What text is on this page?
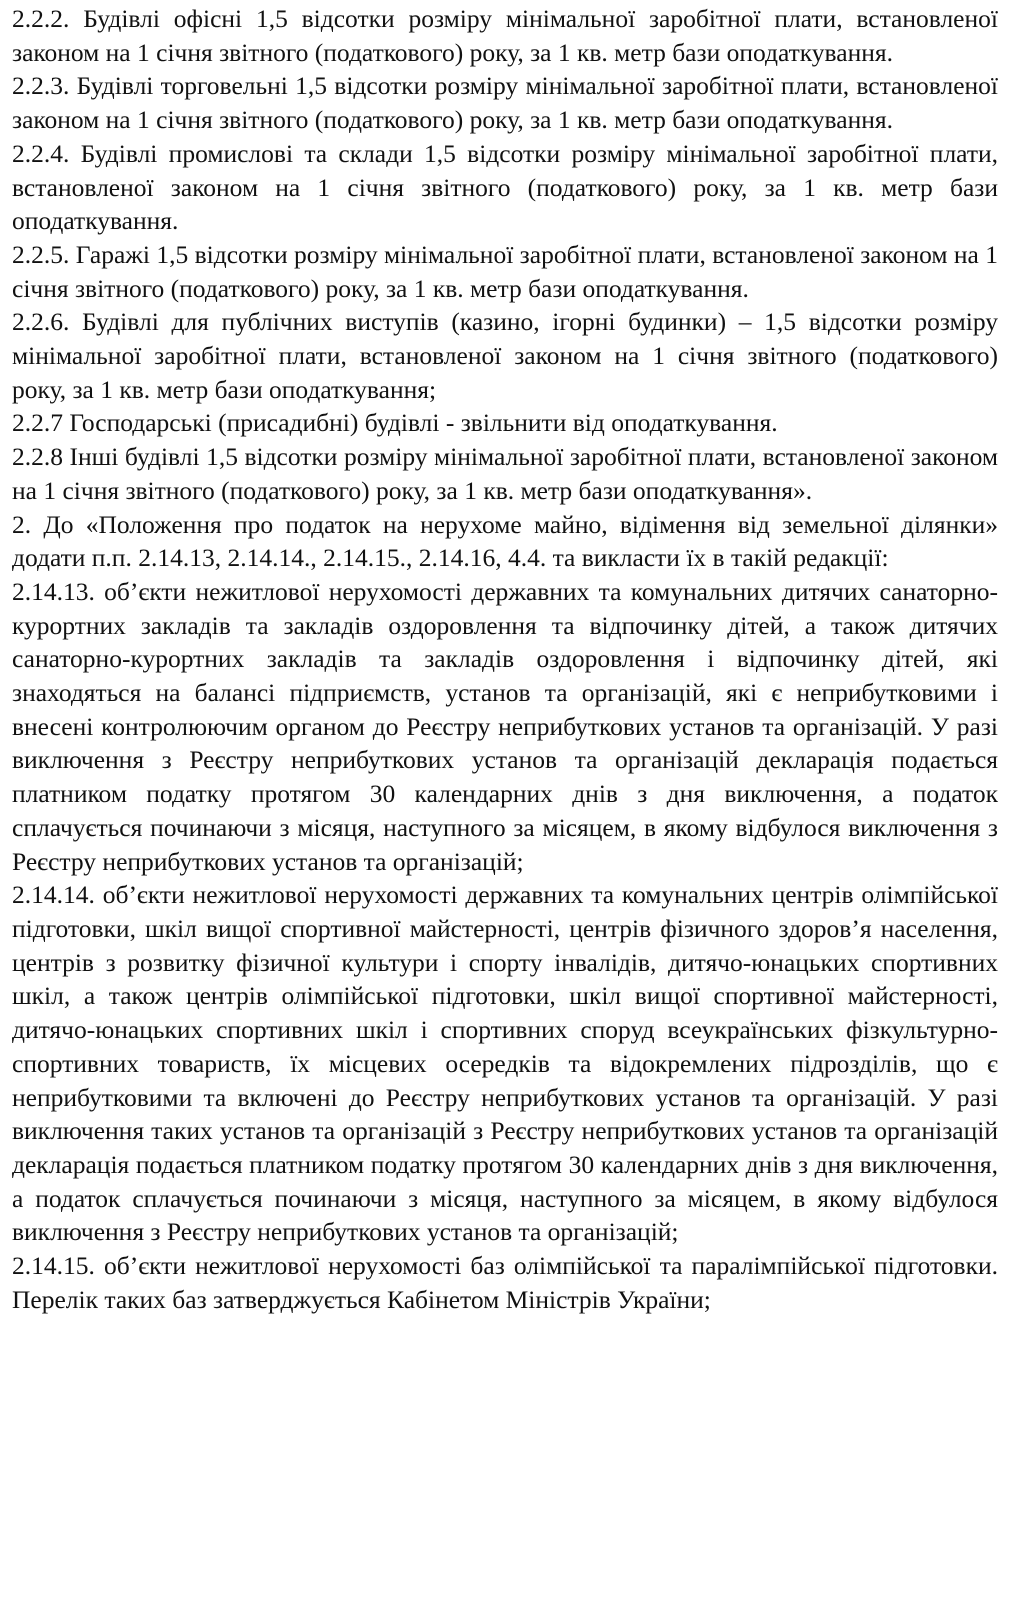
2.2.2. Будівлі офісні 1,5 відсотки розміру мінімальної заробітної плати, встановленої законом на 1 січня звітного (податкового) року, за 1 кв. метр бази оподаткування.

2.2.3. Будівлі торговельні 1,5 відсотки розміру мінімальної заробітної плати, встановленої законом на 1 січня звітного (податкового) року, за 1 кв. метр бази оподаткування.

2.2.4. Будівлі промислові та склади 1,5 відсотки розміру мінімальної заробітної плати, встановленої законом на 1 січня звітного (податкового) року, за 1 кв. метр бази оподаткування.

2.2.5. Гаражі 1,5 відсотки розміру мінімальної заробітної плати, встановленої законом на 1 січня звітного (податкового) року, за 1 кв. метр бази оподаткування.

2.2.6. Будівлі для публічних виступів (казино, ігорні будинки) – 1,5 відсотки розміру мінімальної заробітної плати, встановленої законом на 1 січня звітного (податкового) року, за 1 кв. метр бази оподаткування;

2.2.7 Господарські (присадибні) будівлі - звільнити від оподаткування.

2.2.8 Інші будівлі 1,5 відсотки розміру мінімальної заробітної плати, встановленої законом на 1 січня звітного (податкового) року, за 1 кв. метр бази оподаткування».

2. До «Положення про податок на нерухоме майно, відімення від земельної ділянки» додати п.п. 2.14.13, 2.14.14., 2.14.15., 2.14.16, 4.4. та викласти їх в такій редакції:

2.14.13. об’єкти нежитлової нерухомості державних та комунальних дитячих санаторно-курортних закладів та закладів оздоровлення та відпочинку дітей, а також дитячих санаторно-курортних закладів та закладів оздоровлення і відпочинку дітей, які знаходяться на балансі підприємств, установ та організацій, які є неприбутковими і внесені контролюючим органом до Реєстру неприбуткових установ та організацій. У разі виключення з Реєстру неприбуткових установ та організацій декларація подається платником податку протягом 30 календарних днів з дня виключення, а податок сплачується починаючи з місяця, наступного за місяцем, в якому відбулося виключення з Реєстру неприбуткових установ та організацій;

2.14.14. об’єкти нежитлової нерухомості державних та комунальних центрів олімпійської підготовки, шкіл вищої спортивної майстерності, центрів фізичного здоров’я населення, центрів з розвитку фізичної культури і спорту інвалідів, дитячо-юнацьких спортивних шкіл, а також центрів олімпійської підготовки, шкіл вищої спортивної майстерності, дитячо-юнацьких спортивних шкіл і спортивних споруд всеукраїнських фізкультурно-спортивних товариств, їх місцевих осередків та відокремлених підрозділів, що є неприбутковими та включені до Реєстру неприбуткових установ та організацій. У разі виключення таких установ та організацій з Реєстру неприбуткових установ та організацій декларація подається платником податку протягом 30 календарних днів з дня виключення, а податок сплачується починаючи з місяця, наступного за місяцем, в якому відбулося виключення з Реєстру неприбуткових установ та організацій;

2.14.15. об’єкти нежитлової нерухомості баз олімпійської та паралімпійської підготовки. Перелік таких баз затверджується Кабінетом Міністрів України;
